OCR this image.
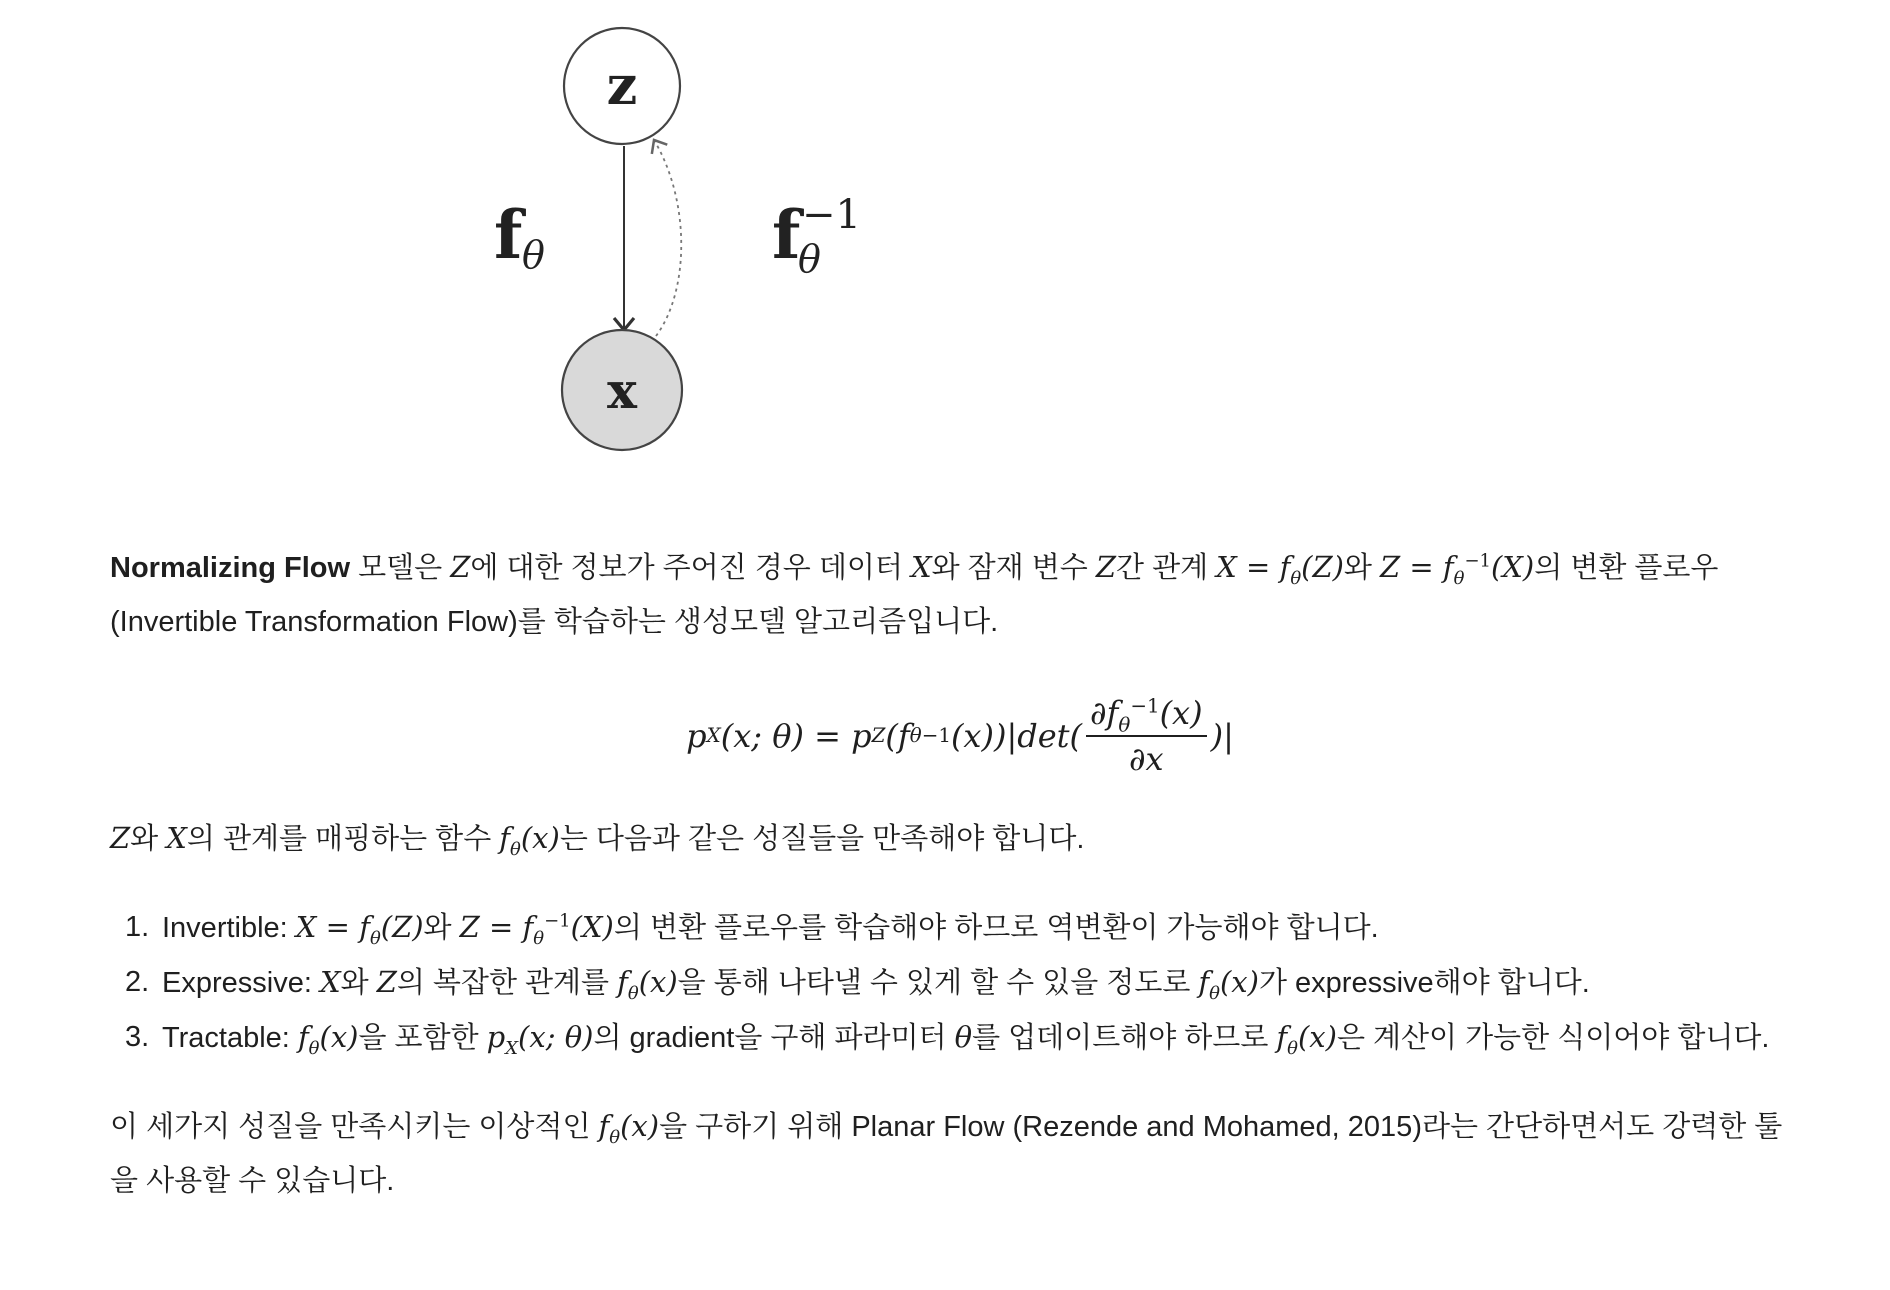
z
x
f θ	f
θ
−1

Normalizing Flow 모델은 Z에 대한 정보가 주어진 경우 데이터 X와 잠재 변수 Z간 관계 $X = f_\theta(Z)$와 $Z = f_\theta^{-1}(X)$의 변환 플로우 (Invertible Transformation Flow)를 학습하는 생성모델 알고리즘입니다.

p X (x; θ) = p Z (f θ −1 $(x))|\det( \frac{\partial f_\theta^{-1}(x)}{\partial x}$ )|

Z와 X의 관계를 매핑하는 함수 $f_\theta(x)$는 다음과 같은 성질들을 만족해야 합니다.

1. Invertible: $X = f_\theta(Z)$와 $Z = f_\theta^{-1}(X)$의 변환 플로우를 학습해야 하므로 역변환이 가능해야 합니다.
2. Expressive: X와 Z의 복잡한 관계를 $f_\theta(x)$을 통해 나타낼 수 있게 할 수 있을 정도로 $f_\theta(x)$가 expressive해야 합니다.
3. Tractable: $f_\theta(x)$을 포함한 $p_X(x$; θ)의 gradient을 구해 파라미터 θ를 업데이트해야 하므로 $f_\theta(x)$은 계산이 가능한 식이어야 합니다.

이 세가지 성질을 만족시키는 이상적인 $f_\theta(x)$을 구하기 위해 Planar Flow (Rezende and Mohamed, 2015)라는 간단하면서도 강력한 툴을 사용할 수 있습니다.
